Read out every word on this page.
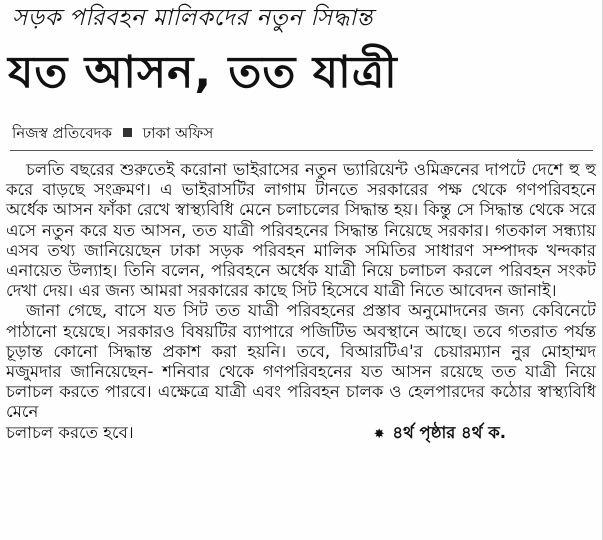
সড়ক পরিবহন মালিকদের নতুন সিদ্ধান্ত
যত আসন, তত যাত্রী
নিজস্ব প্রতিবেদক ঢাকা অফিস

চলতি বছরের শুরুতেই করোনা ভাইরাসের নতুন ভ্যারিয়েন্ট ওমিক্রনের দাপটে দেশে হু হু করে বাড়ছে সংক্রমণ। এ ভাইরাসটির লাগাম টানতে সরকারের পক্ষ থেকে গণপরিবহনে অর্ধেক আসন ফাঁকা রেখে স্বাস্থ্যবিধি মেনে চলাচলের সিদ্ধান্ত হয়। কিন্তু সে সিদ্ধান্ত থেকে সরে এসে নতুন করে যত আসন, তত যাত্রী পরিবহনের সিদ্ধান্ত নিয়েছে সরকার। গতকাল সন্ধ্যায় এসব তথ্য জানিয়েছেন ঢাকা সড়ক পরিবহন মালিক সমিতির সাধারণ সম্পাদক খন্দকার এনায়েত উল্যাহ। তিনি বলেন, পরিবহনে অর্ধেক যাত্রী নিয়ে চলাচল করলে পরিবহন সংকট দেখা দেয়। এর জন্য আমরা সরকারের কাছে সিট হিসেবে যাত্রী নিতে আবেদন জানাই।

জানা গেছে, বাসে যত সিট তত যাত্রী পরিবহনের প্রস্তাব অনুমোদনের জন্য কেবিনেটে পাঠানো হয়েছে। সরকারও বিষয়টির ব্যাপারে পজিটিভ অবস্থানে আছে। তবে গতরাত পর্যন্ত চূড়ান্ত কোনো সিদ্ধান্ত প্রকাশ করা হয়নি। তবে, বিআরটিএ'র চেয়ারম্যান নুর মোহাম্মদ মজুমদার জানিয়েছেন- শনিবার থেকে গণপরিবহনের যত আসন রয়েছে তত যাত্রী নিয়ে চলাচল করতে পারবে। এক্ষেত্রে যাত্রী এবং পরিবহন চালক ও হেলপারদের কঠোর স্বাস্থ্যবিধি মেনে

চলাচল করতে হবে।	✸ ৪র্থ পৃষ্ঠার ৪র্থ ক.
